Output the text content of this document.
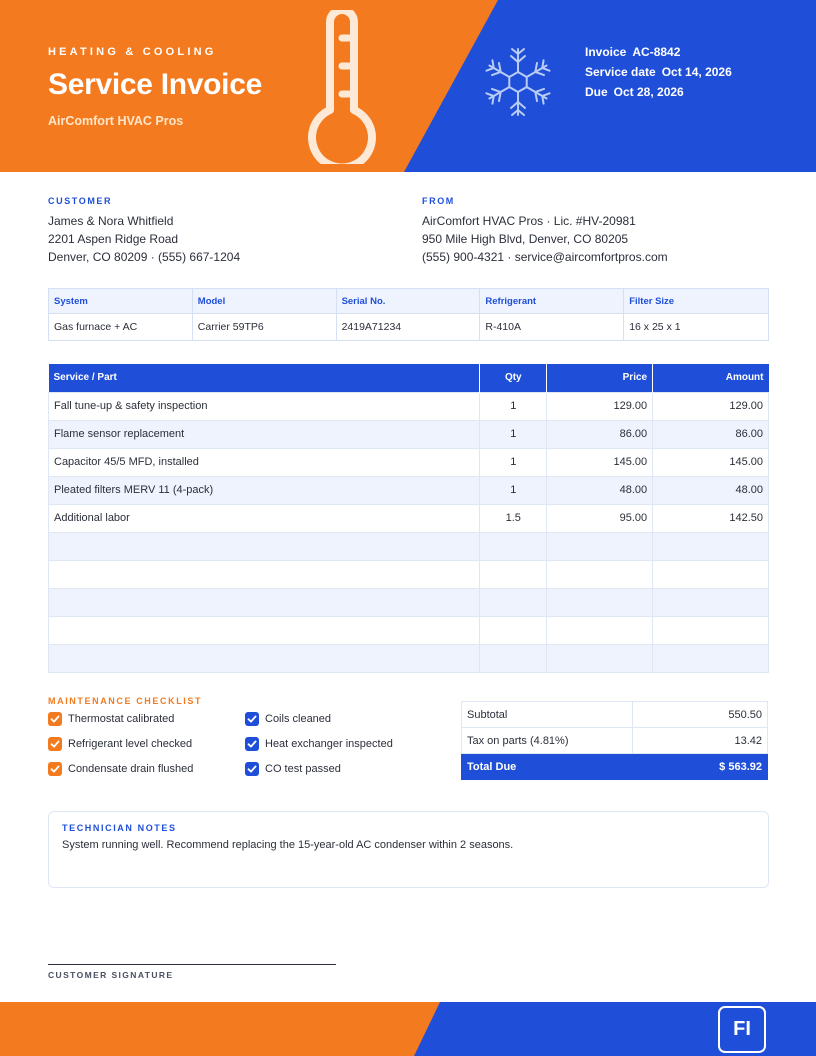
HEATING & COOLING
Service Invoice
AirComfort HVAC Pros
Invoice AC-8842
Service date Oct 14, 2026
Due Oct 28, 2026
CUSTOMER
James & Nora Whitfield
2201 Aspen Ridge Road
Denver, CO 80209 · (555) 667-1204
FROM
AirComfort HVAC Pros · Lic. #HV-20981
950 Mile High Blvd, Denver, CO 80205
(555) 900-4321 · service@aircomfortpros.com
System	Model	Serial No.	Refrigerant	Filter Size
Gas furnace + AC	Carrier 59TP6	2419A71234	R-410A	16 x 25 x 1
Service / Part	Qty	Price	Amount
Fall tune-up & safety inspection	1	129.00	129.00
Flame sensor replacement	1	86.00	86.00
Capacitor 45/5 MFD, installed	1	145.00	145.00
Pleated filters MERV 11 (4-pack)	1	48.00	48.00
Additional labor	1.5	95.00	142.50

MAINTENANCE CHECKLIST
Thermostat calibrated
Refrigerant level checked
Condensate drain flushed
Coils cleaned
Heat exchanger inspected
CO test passed
Subtotal	550.50
Tax on parts (4.81%)	13.42
Total Due	$ 563.92
TECHNICIAN NOTES
System running well. Recommend replacing the 15-year-old AC condenser within 2 seasons.
CUSTOMER SIGNATURE
FI
